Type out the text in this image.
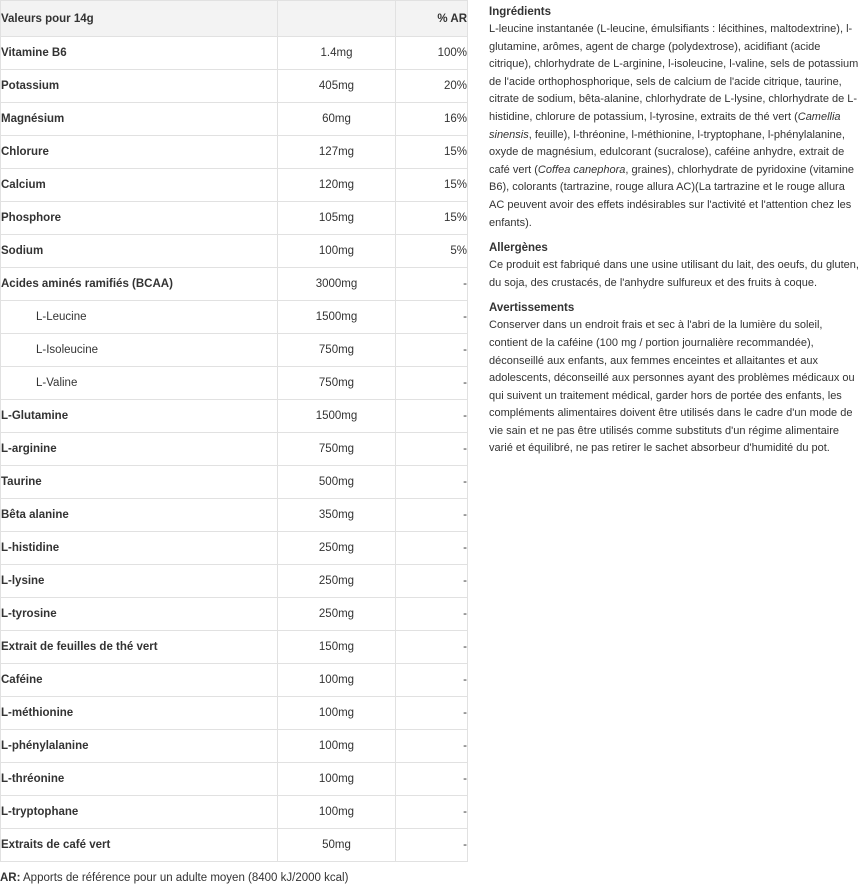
Valeurs pour 14g		% AR
Vitamine B6	1.4mg	100%
Potassium	405mg	20%
Magnésium	60mg	16%
Chlorure	127mg	15%
Calcium	120mg	15%
Phosphore	105mg	15%
Sodium	100mg	5%
Acides aminés ramifiés (BCAA)	3000mg	-
L-Leucine	1500mg	-
L-Isoleucine	750mg	-
L-Valine	750mg	-
L-Glutamine	1500mg	-
L-arginine	750mg	-
Taurine	500mg	-
Bêta alanine	350mg	-
L-histidine	250mg	-
L-lysine	250mg	-
L-tyrosine	250mg	-
Extrait de feuilles de thé vert	150mg	-
Caféine	100mg	-
L-méthionine	100mg	-
L-phénylalanine	100mg	-
L-thréonine	100mg	-
L-tryptophane	100mg	-
Extraits de café vert	50mg	-
AR: Apports de référence pour un adulte moyen (8400 kJ/2000 kcal)
Ingrédients

L-leucine instantanée (L-leucine, émulsifiants : lécithines, maltodextrine), l-glutamine, arômes, agent de charge (polydextrose), acidifiant (acide citrique), chlorhydrate de L-arginine, l-isoleucine, l-valine, sels de potassium de l'acide orthophosphorique, sels de calcium de l'acide citrique, taurine, citrate de sodium, bêta-alanine, chlorhydrate de L-lysine, chlorhydrate de L-histidine, chlorure de potassium, l-tyrosine, extraits de thé vert (Camellia sinensis, feuille), l-thréonine, l-méthionine, l-tryptophane, l-phénylalanine, oxyde de magnésium, edulcorant (sucralose), caféine anhydre, extrait de café vert (Coffea canephora, graines), chlorhydrate de pyridoxine (vitamine B6), colorants (tartrazine, rouge allura AC)(La tartrazine et le rouge allura AC peuvent avoir des effets indésirables sur l'activité et l'attention chez les enfants).

Allergènes

Ce produit est fabriqué dans une usine utilisant du lait, des oeufs, du gluten, du soja, des crustacés, de l'anhydre sulfureux et des fruits à coque.

Avertissements

Conserver dans un endroit frais et sec à l'abri de la lumière du soleil, contient de la caféine (100 mg / portion journalière recommandée), déconseillé aux enfants, aux femmes enceintes et allaitantes et aux adolescents, déconseillé aux personnes ayant des problèmes médicaux ou qui suivent un traitement médical, garder hors de portée des enfants, les compléments alimentaires doivent être utilisés dans le cadre d'un mode de vie sain et ne pas être utilisés comme substituts d'un régime alimentaire varié et équilibré, ne pas retirer le sachet absorbeur d'humidité du pot.
